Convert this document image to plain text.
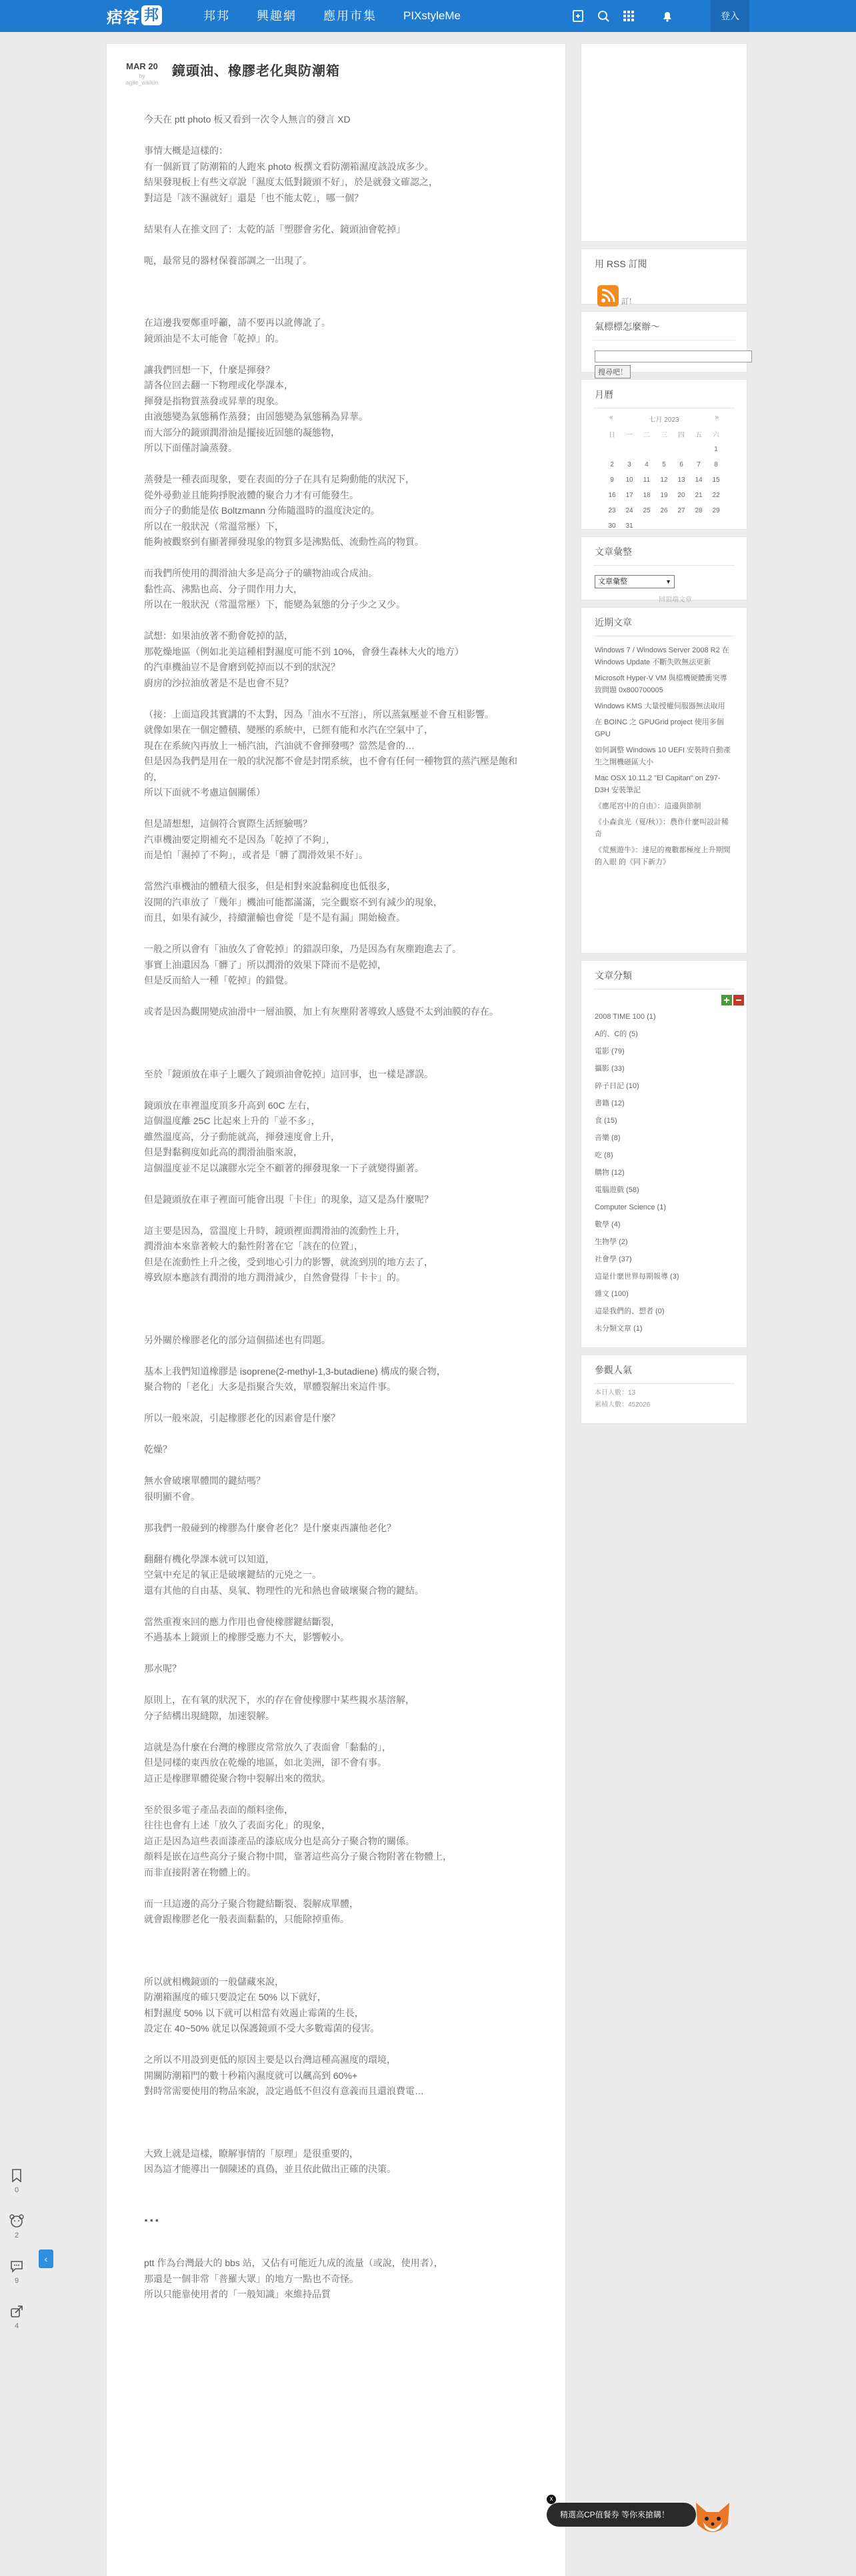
痞客 邦	邦邦 興趣網 應用市集 PIXstyleMe	登入
MAR 20
by agile_walkin
鏡頭油、橡膠老化與防潮箱

今天在 ptt photo 板又看到一次令人無言的發言 XD

事情大概是這樣的：
有一個新買了防潮箱的人跑來 photo 板撰文看防潮箱濕度該設成多少。
結果發現板上有些文章說「濕度太低對鏡頭不好」，於是就發文確認之，
對這是「該不濕就好」還是「也不能太乾」，哪一個？

結果有人在推文回了：太乾的話「塑膠會劣化、鏡頭油會乾掉」

呃，最常見的器材保養部調之一出現了。

在這邊我要鄭重呼籲，請不要再以訛傳訛了。
鏡頭油是不太可能會「乾掉」的。

讓我們回想一下，什麼是揮發？
請各位回去翻一下物理或化學課本，
揮發是指物質蒸發或昇華的現象。
由液態變為氣態稱作蒸發；由固態變為氣態稱為昇華。
而大部分的鏡頭潤滑油是擺接近固態的凝態物，
所以下面僅討論蒸發。

蒸發是一種表面現象，要在表面的分子在具有足夠動能的狀況下，
從外尋動並且能夠掙脫液體的聚合力才有可能發生。
而分子的動能是依 Boltzmann 分佈隨溫時的溫度決定的。
所以在一般狀況（常溫常壓）下，
能夠被觀察到有顯著揮發現象的物質多是沸點低、流動性高的物質。

而我們所使用的潤滑油大多是高分子的礦物油或合成油。
黏性高、沸點也高、分子間作用力大，
所以在一般狀況（常溫常壓）下，能變為氣態的分子少之又少。

試想：如果油放著不動會乾掉的話，
那乾燥地區（例如北美這種相對濕度可能不到 10%，會發生森林大火的地方）
的汽車機油豈不是會磨到乾掉而以不到的狀況？
廚房的沙拉油放著是不是也會不見？

（接：上面這段其實講的不太對，因為「油水不互溶」，所以蒸氣壓並不會互相影響。
就像如果在一個定體積、變壓的系統中，已經有能和水汽在空氣中了，
現在在系統內再放上一桶汽油，汽油就不會揮發嗎？當然是會的…
但是因為我們是用在一般的狀況都不會是封閉系統，也不會有任何一種物質的蒸汽壓是飽和的，
所以下面就不考慮這個關係）

但是請想想，這個符合實際生活經驗嗎？
汽車機油要定期補充不是因為「乾掉了不夠」，
而是怕「濕掉了不夠」，或者是「髒了潤滑效果不好」。

當然汽車機油的體積大很多，但是相對來說黏稠度也低很多，
沒開的汽車放了「幾年」機油可能都滿滿，完全觀察不到有減少的現象，
而且，如果有減少，持續灌輸也會從「是不是有漏」開始檢查。

一般之所以會有「油放久了會乾掉」的錯誤印象，乃是因為有灰塵跑進去了。
事實上油還因為「髒了」所以潤滑的效果下降而不是乾掉，
但是反而給人一種「乾掉」的錯覺。

或者是因為觀開變成油滑中一層油膜，加上有灰塵附著導致人感覺不太到油膜的存在。

至於「鏡頭放在車子上曬久了鏡頭油會乾掉」這回事，也一樣是謬誤。

鏡頭放在車裡溫度頂多升高到 60C 左右，
這個溫度離 25C 比起來上升的「並不多」，
雖然溫度高，分子動能就高，揮發速度會上升，
但是對黏稠度如此高的潤滑油脂來說，
這個溫度並不足以讓膠水完全不顧著的揮發現象一下子就變得顯著。

但是鏡頭放在車子裡面可能會出現「卡住」的現象，這又是為什麼呢？

這主要是因為，當溫度上升時，鏡頭裡面潤滑油的流動性上升，
潤滑油本來靠著較大的黏性附著在它「該在的位置」，
但是在流動性上升之後，受到地心引力的影響，就流到別的地方去了，
導致原本應該有潤滑的地方潤滑減少，自然會覺得「卡卡」的。

另外關於橡膠老化的部分這個描述也有問題。

基本上我們知道橡膠是 isoprene(2-methyl-1,3-butadiene) 構成的聚合物，
聚合物的「老化」大多是指聚合失效，單體裂解出來這件事。

所以一般來說，引起橡膠老化的因素會是什麼？

乾燥？

無水會破壞單體間的鍵結嗎？
很明顯不會。

那我們一般碰到的橡膠為什麼會老化？是什麼東西讓他老化？

翻翻有機化學課本就可以知道，
空氣中充足的氧正是破壞鍵結的元兇之一。
還有其他的自由基、臭氧、物理性的光和熱也會破壞聚合物的鍵結。

當然重複來回的應力作用也會使橡膠鍵結斷裂，
不過基本上鏡頭上的橡膠受應力不大，影響較小。

那水呢？

原則上，在有氧的狀況下，水的存在會使橡膠中某些親水基溶解，
分子結構出現縫隙，加速裂解。

這就是為什麼在台灣的橡膠皮常常放久了表面會「黏黏的」，
但是同樣的東西放在乾燥的地區，如北美洲，卻不會有事。
這正是橡膠單體從聚合物中裂解出來的徵狀。

至於很多電子產品表面的顏料塗佈，
往往也會有上述「放久了表面劣化」的現象，
這正是因為這些表面漆產品的漆底成分也是高分子聚合物的關係。
顏料是嵌在這些高分子聚合物中間，靠著這些高分子聚合物附著在物體上，
而非直接附著在物體上的。

而一旦這邊的高分子聚合物鍵結斷裂、裂解成單體，
就會跟橡膠老化一般表面黏黏的，只能除掉重佈。

所以就相機鏡頭的一般儲藏來說，
防潮箱濕度的確只要設定在 50% 以下就好，
相對濕度 50% 以下就可以相當有效遏止霉菌的生長，
設定在 40~50% 就足以保護鏡頭不受大多數霉菌的侵害。

之所以不用設到更低的原因主要是以台灣這種高濕度的環境，
開關防潮箱門的數十秒箱內濕度就可以飆高到 60%+
對時常需要使用的物品來說，設定過低不但沒有意義而且還浪費電…

大致上就是這樣，瞭解事情的「原理」是很重要的，
因為這才能導出一個陳述的真偽，並且依此做出正確的決策。

...

ptt 作為台灣最大的 bbs 站，又佔有可能近九成的流量（或說，使用者），
那還是一個非常「普羅大眾」的地方一點也不奇怪。
所以只能靠使用者的「一般知識」來維持品質

用 RSS 訂閱
訂！
氣標標怎麼辦～
搜尋吧！
月曆
«	七月 2023	»
日	一	二	三	四	五	六
						1
2	3	4	5	6	7	8
9	10	11	12	13	14	15
16	17	18	19	20	21	22
23	24	25	26	27	28	29
30	31					
文章彙整
文章彙整	▼
回頂端文章
近期文章
Windows 7 / Windows Server 2008 R2 在 Windows Update 不斷失敗無法更新
Microsoft Hyper-V VM 與檔機硬體衝突導致問題 0x800700005
Windows KMS 大量授權伺服器無法取用
在 BOINC 之 GPUGrid project 使用多個 GPU
如何調整 Windows 10 UEFI 安裝時自動產生之開機磁區大小
Mac OSX 10.11.2 "El Capitan" on Z97-D3H 安裝筆記
《應尾宮中的自由》：這邊與節制
《小森食光（夏/秋）》：農作什麼叫設計稀奇
《荒蕪遊牛》：達尼的複數都極度上升期間的入眼 的《同下新力》
文章分類
2008 TIME 100 (1)
A的、C的 (5)
電影 (79)
攝影 (33)
碎子日記 (10)
書籍 (12)
食 (15)
音樂 (8)
吃 (8)
購物 (12)
電腦遊戲 (58)
Computer Science (1)
數學 (4)
生物學 (2)
社會學 (37)
這是什麼世界每期報導 (3)
雜文 (100)
這是我們的、想者 (0)
未分類文章 (1)
參觀人氣
本日人數：13
累積人數：452026
0
2
9
4
‹
精選高CP值餐券 等你來搶購！
x
